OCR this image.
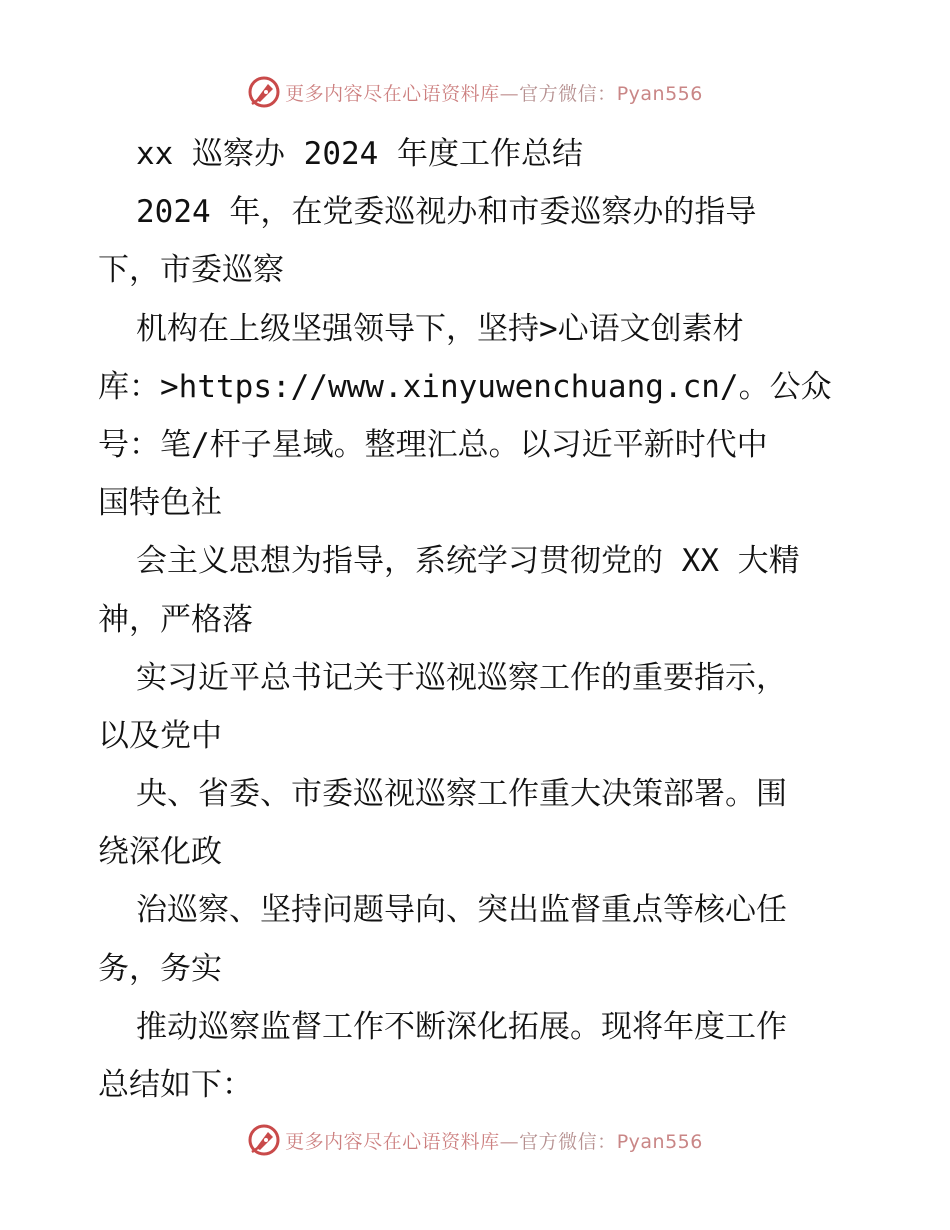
更多内容尽在心语资料库—官方微信：Pyan556
xx 巡察办 2024 年度工作总结
2024 年，在党委巡视办和市委巡察办的指导
下，市委巡察
机构在上级坚强领导下，坚持>心语文创素材
库：>https://www.xinyuwenchuang.cn/。公众
号：笔/杆子星域。整理汇总。以习近平新时代中
国特色社
会主义思想为指导，系统学习贯彻党的 XX 大精
神，严格落
实习近平总书记关于巡视巡察工作的重要指示，
以及党中
央、省委、市委巡视巡察工作重大决策部署。围
绕深化政
治巡察、坚持问题导向、突出监督重点等核心任
务，务实
推动巡察监督工作不断深化拓展。现将年度工作
总结如下：
更多内容尽在心语资料库—官方微信：Pyan556
